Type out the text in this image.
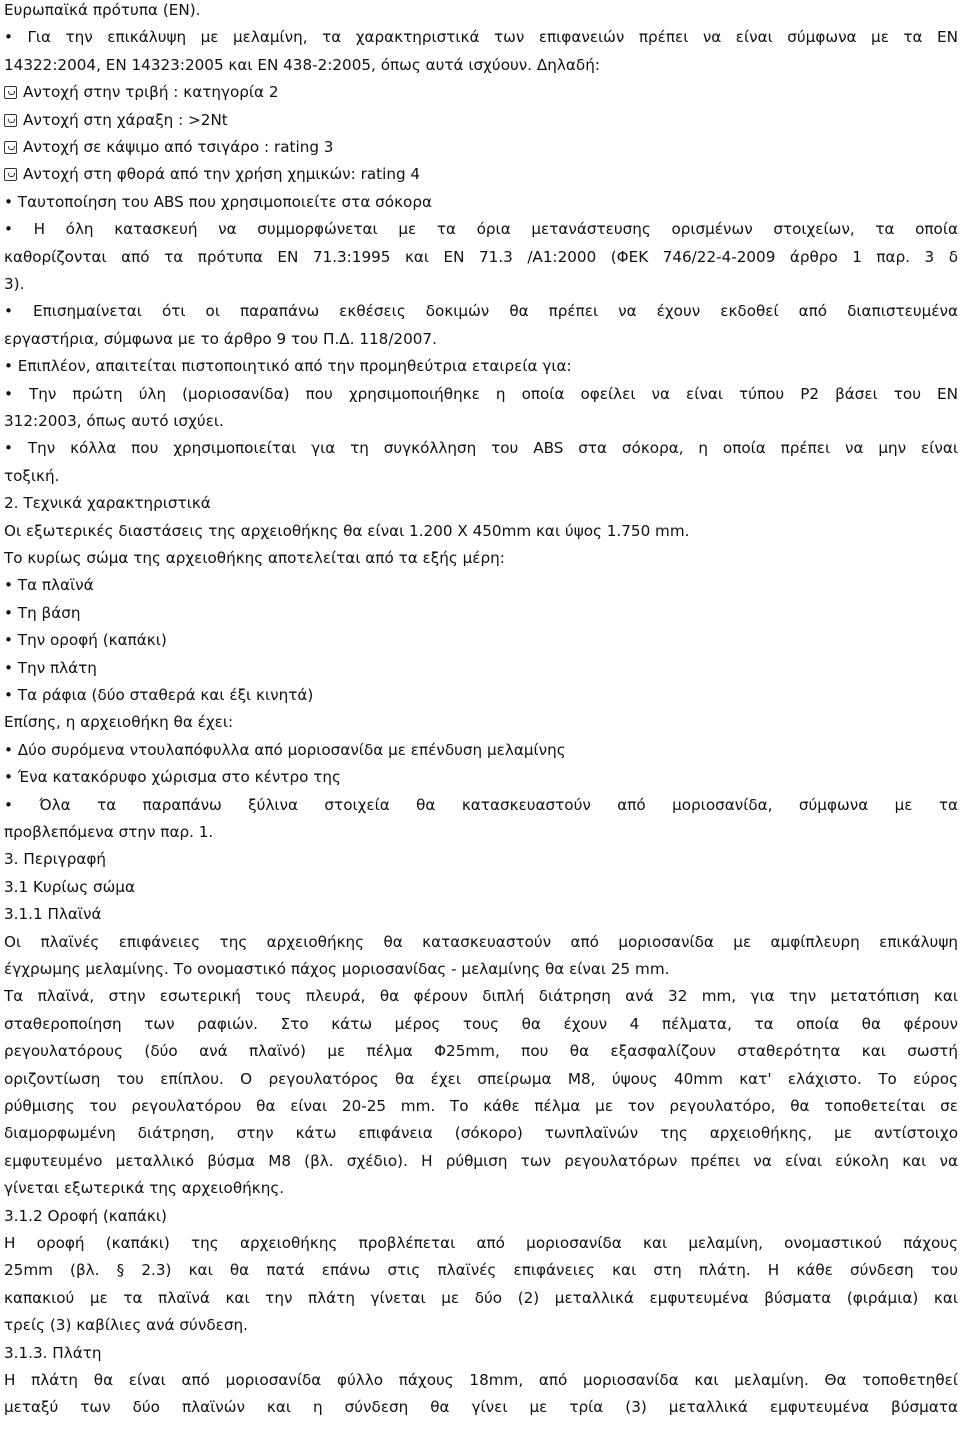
Ευρωπαϊκά πρότυπα (EN).
• Για την επικάλυψη με μελαμίνη, τα χαρακτηριστικά των επιφανειών πρέπει να είναι σύμφωνα με τα EN
14322:2004, EN 14323:2005 και EN 438-2:2005, όπως αυτά ισχύουν. Δηλαδή:
Αντοχή στην τριβή : κατηγορία 2
Αντοχή στη χάραξη : >2Nt
Αντοχή σε κάψιμο από τσιγάρο : rating 3
Αντοχή στη φθορά από την χρήση χημικών: rating 4
• Ταυτοποίηση του ABS που χρησιμοποιείτε στα σόκορα
• Η όλη κατασκευή να συμμορφώνεται με τα όρια μετανάστευσης ορισμένων στοιχείων, τα οποία
καθορίζονται από τα πρότυπα EN 71.3:1995 και EN 71.3 /A1:2000 (ΦΕΚ 746/22-4-2009 άρθρο 1 παρ. 3 δ
3).
• Επισημαίνεται ότι οι παραπάνω εκθέσεις δοκιμών θα πρέπει να έχουν εκδοθεί από διαπιστευμένα
εργαστήρια, σύμφωνα με το άρθρο 9 του Π.Δ. 118/2007.
• Επιπλέον, απαιτείται πιστοποιητικό από την προμηθεύτρια εταιρεία για:
• Την πρώτη ύλη (μοριοσανίδα) που χρησιμοποιήθηκε η οποία οφείλει να είναι τύπου P2 βάσει του EN
312:2003, όπως αυτό ισχύει.
• Την κόλλα που χρησιμοποιείται για τη συγκόλληση του ABS στα σόκορα, η οποία πρέπει να μην είναι
τοξική.
2. Τεχνικά χαρακτηριστικά
Οι εξωτερικές διαστάσεις της αρχειοθήκης θα είναι 1.200 Χ 450mm και ύψος 1.750 mm.
Το κυρίως σώμα της αρχειοθήκης αποτελείται από τα εξής μέρη:
• Τα πλαϊνά
• Τη βάση
• Την οροφή (καπάκι)
• Την πλάτη
• Τα ράφια (δύο σταθερά και έξι κινητά)
Επίσης, η αρχειοθήκη θα έχει:
• Δύο συρόμενα ντουλαπόφυλλα από μοριοσανίδα με επένδυση μελαμίνης
• Ένα κατακόρυφο χώρισμα στο κέντρο της
• Όλα τα παραπάνω ξύλινα στοιχεία θα κατασκευαστούν από μοριοσανίδα, σύμφωνα με τα
προβλεπόμενα στην παρ. 1.
3. Περιγραφή
3.1 Κυρίως σώμα
3.1.1 Πλαϊνά
Οι πλαϊνές επιφάνειες της αρχειοθήκης θα κατασκευαστούν από μοριοσανίδα με αμφίπλευρη επικάλυψη
έγχρωμης μελαμίνης. Το ονομαστικό πάχος μοριοσανίδας - μελαμίνης θα είναι 25 mm.
Τα πλαϊνά, στην εσωτερική τους πλευρά, θα φέρουν διπλή διάτρηση ανά 32 mm, για την μετατόπιση και
σταθεροποίηση των ραφιών. Στο κάτω μέρος τους θα έχουν 4 πέλματα, τα οποία θα φέρουν
ρεγουλατόρους (δύο ανά πλαϊνό) με πέλμα Φ25mm, που θα εξασφαλίζουν σταθερότητα και σωστή
οριζοντίωση του επίπλου. Ο ρεγουλατόρος θα έχει σπείρωμα M8, ύψους 40mm κατ' ελάχιστο. Το εύρος
ρύθμισης του ρεγουλατόρου θα είναι 20-25 mm. Το κάθε πέλμα με τον ρεγουλατόρο, θα τοποθετείται σε
διαμορφωμένη διάτρηση, στην κάτω επιφάνεια (σόκορο) τωνπλαϊνών της αρχειοθήκης, με αντίστοιχο
εμφυτευμένο μεταλλικό βύσμα M8 (βλ. σχέδιο). Η ρύθμιση των ρεγουλατόρων πρέπει να είναι εύκολη και να
γίνεται εξωτερικά της αρχειοθήκης.
3.1.2 Οροφή (καπάκι)
Η οροφή (καπάκι) της αρχειοθήκης προβλέπεται από μοριοσανίδα και μελαμίνη, ονομαστικού πάχους
25mm (βλ. § 2.3) και θα πατά επάνω στις πλαϊνές επιφάνειες και στη πλάτη. Η κάθε σύνδεση του
καπακιού με τα πλαϊνά και την πλάτη γίνεται με δύο (2) μεταλλικά εμφυτευμένα βύσματα (φιράμια) και
τρείς (3) καβίλιες ανά σύνδεση.
3.1.3. Πλάτη
Η πλάτη θα είναι από μοριοσανίδα φύλλο πάχους 18mm, από μοριοσανίδα και μελαμίνη. Θα τοποθετηθεί
μεταξύ των δύο πλαϊνών και η σύνδεση θα γίνει με τρία (3) μεταλλικά εμφυτευμένα βύσματα
